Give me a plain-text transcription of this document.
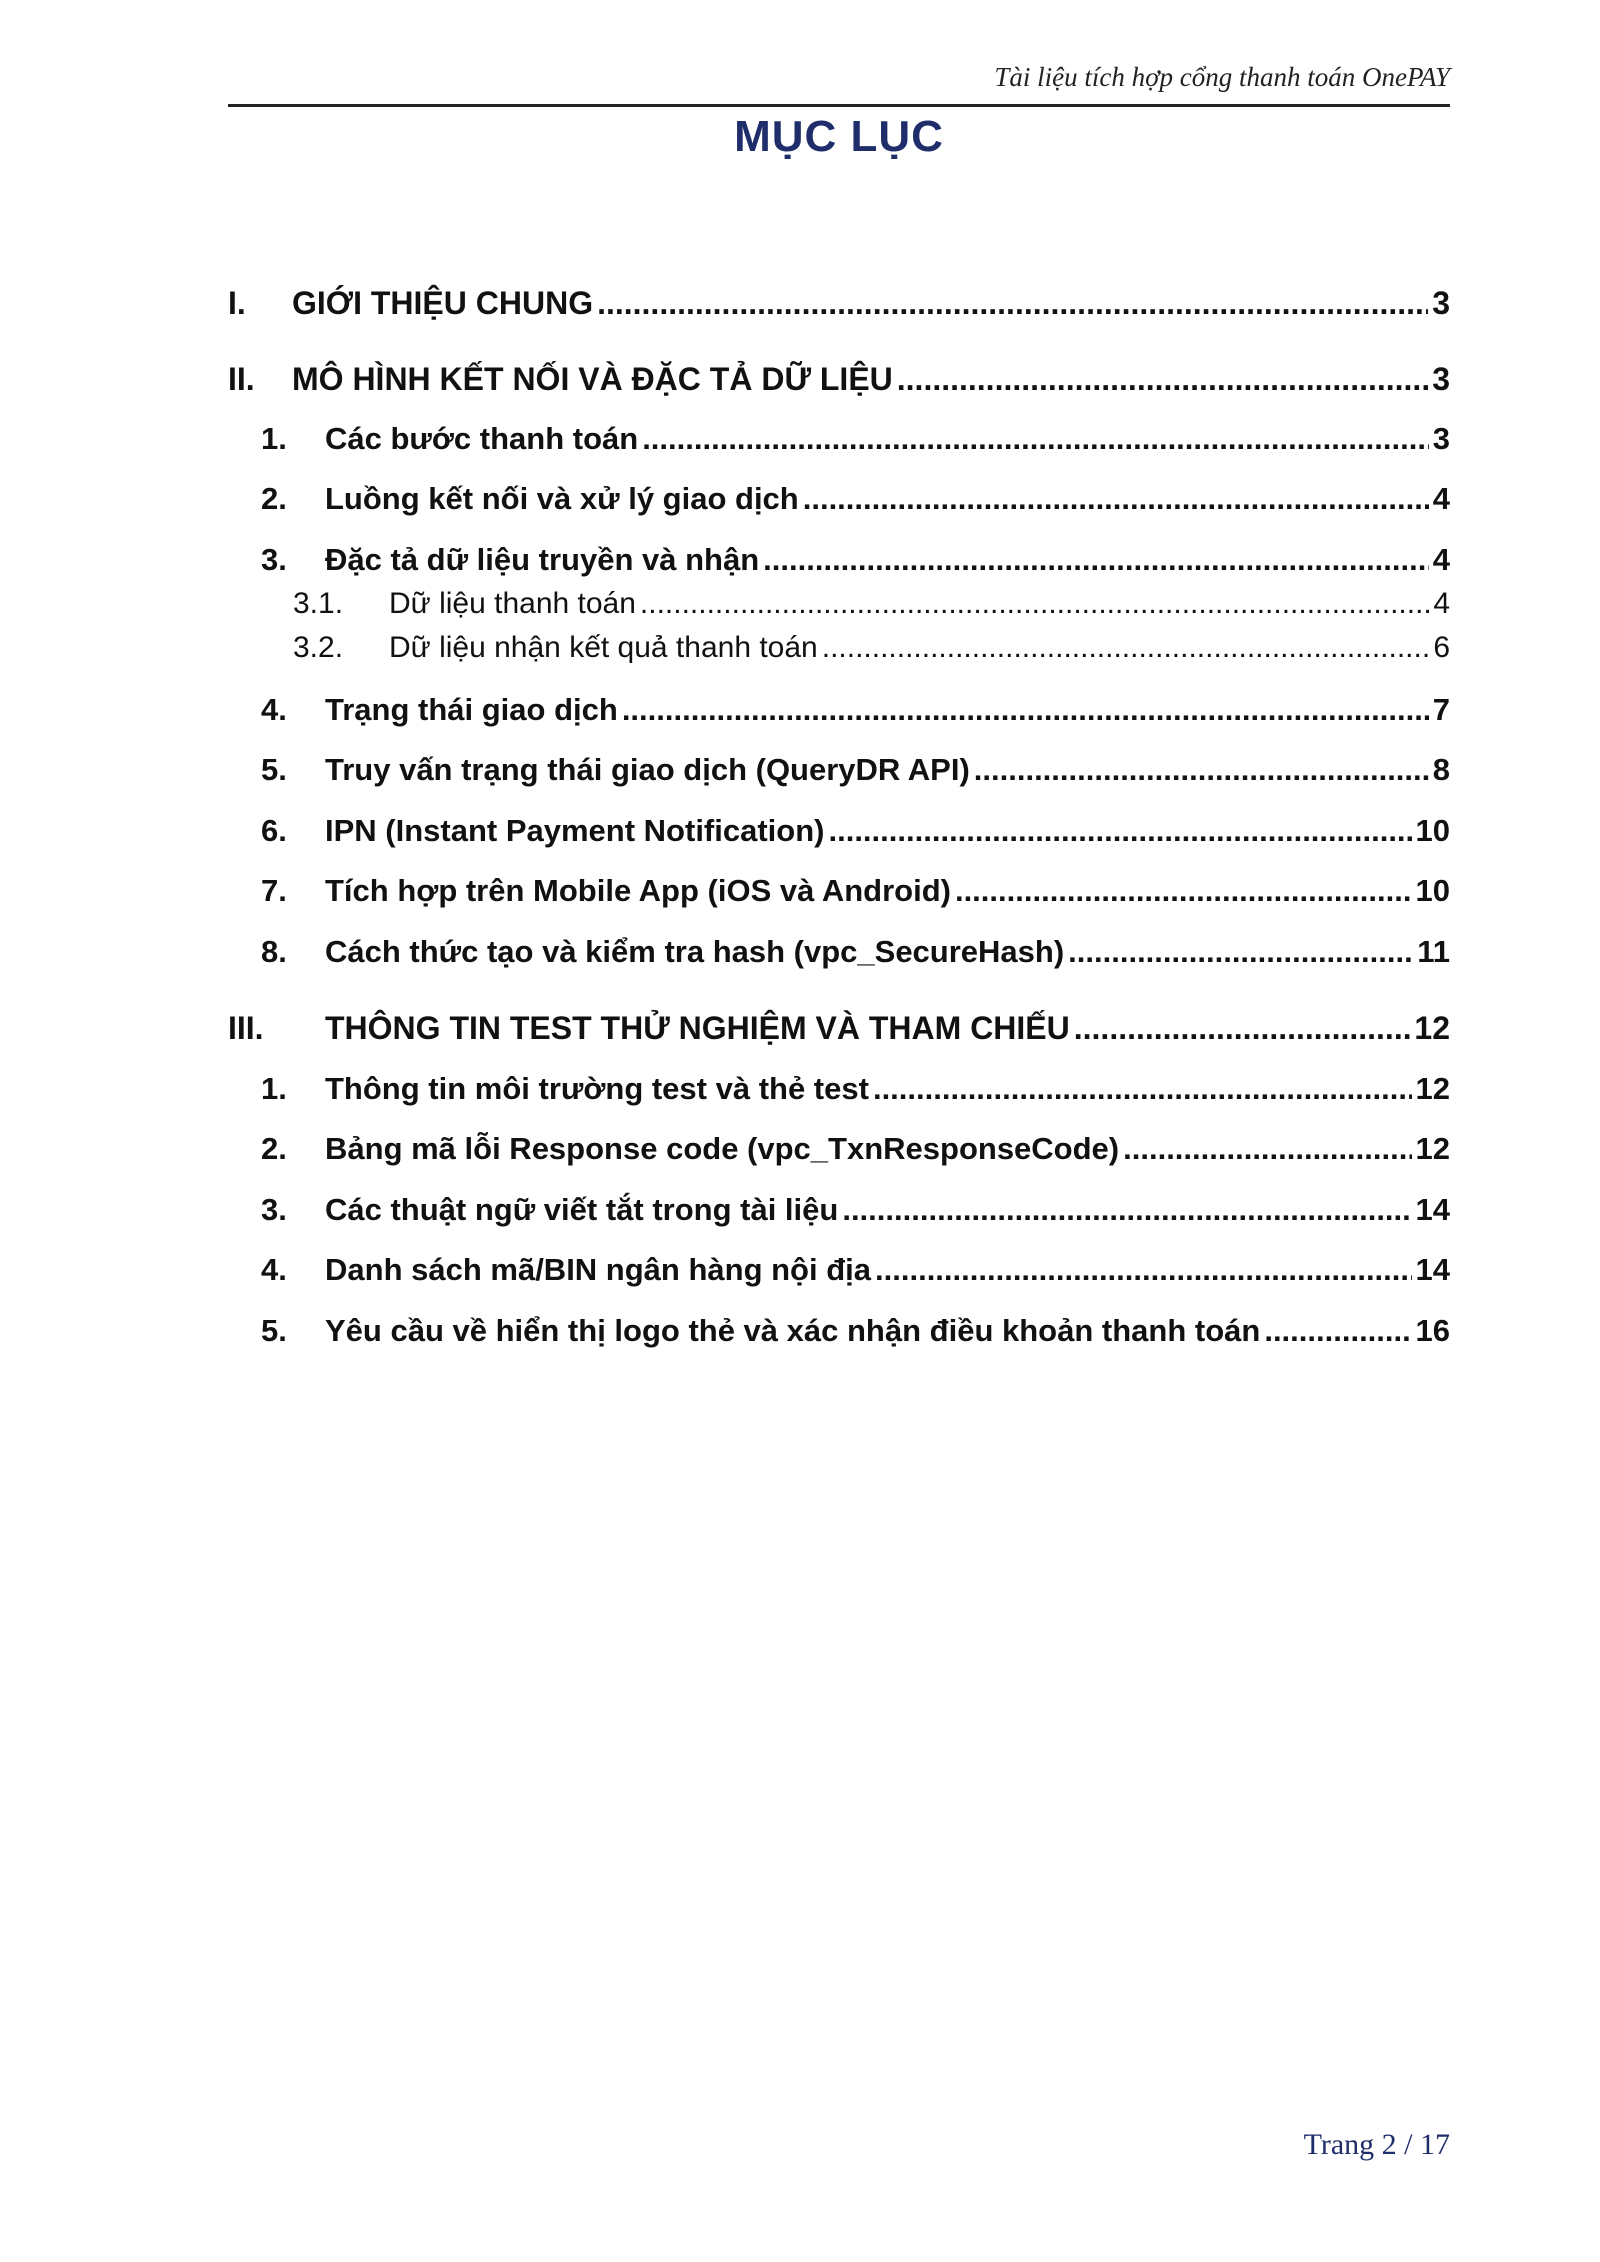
Tài liệu tích hợp cổng thanh toán OnePAY
MỤC LỤC
I.	GIỚI THIỆU CHUNG .....	3
II.	MÔ HÌNH KẾT NỐI VÀ ĐẶC TẢ DỮ LIỆU .....	3
1.	Các bước thanh toán .....	3
2.	Luồng kết nối và xử lý giao dịch .....	4
3.	Đặc tả dữ liệu truyền và nhận .....	4
3.1.	Dữ liệu thanh toán .....	4
3.2.	Dữ liệu nhận kết quả thanh toán .....	6
4.	Trạng thái giao dịch .....	7
5.	Truy vấn trạng thái giao dịch (QueryDR API) .....	8
6.	IPN (Instant Payment Notification) .....	10
7.	Tích hợp trên Mobile App (iOS và Android) .....	10
8.	Cách thức tạo và kiểm tra hash (vpc_SecureHash) .....	11
III.	THÔNG TIN TEST THỬ NGHIỆM VÀ THAM CHIẾU .....	12
1.	Thông tin môi trường test và thẻ test .....	12
2.	Bảng mã lỗi Response code (vpc_TxnResponseCode) .....	12
3.	Các thuật ngữ viết tắt trong tài liệu .....	14
4.	Danh sách mã/BIN ngân hàng nội địa .....	14
5.	Yêu cầu về hiển thị logo thẻ và xác nhận điều khoản thanh toán .....	16
Trang 2 / 17
